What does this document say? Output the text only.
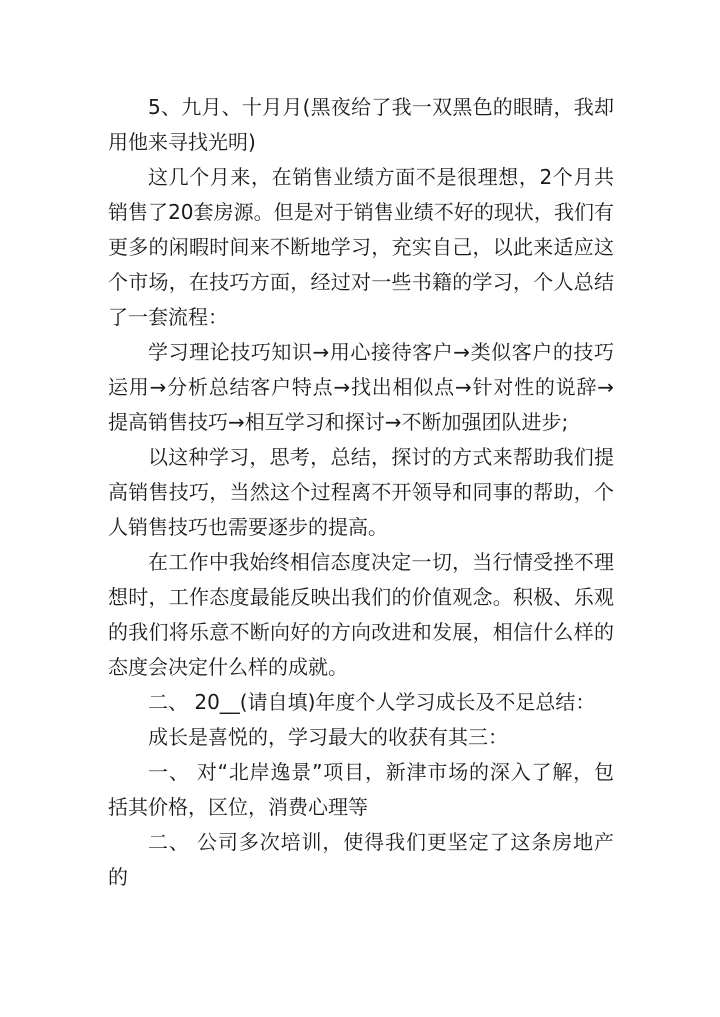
5、九月、十月月(黑夜给了我一双黑色的眼睛，我却用他来寻找光明)

这几个月来，在销售业绩方面不是很理想，2个月共销售了20套房源。但是对于销售业绩不好的现状，我们有更多的闲暇时间来不断地学习，充实自己，以此来适应这个市场，在技巧方面，经过对一些书籍的学习，个人总结了一套流程：

学习理论技巧知识→用心接待客户→类似客户的技巧运用→分析总结客户特点→找出相似点→针对性的说辞→提高销售技巧→相互学习和探讨→不断加强团队进步;

以这种学习，思考，总结，探讨的方式来帮助我们提高销售技巧，当然这个过程离不开领导和同事的帮助，个人销售技巧也需要逐步的提高。

在工作中我始终相信态度决定一切，当行情受挫不理想时，工作态度最能反映出我们的价值观念。积极、乐观的我们将乐意不断向好的方向改进和发展，相信什么样的态度会决定什么样的成就。

二、 20__(请自填)年度个人学习成长及不足总结：

成长是喜悦的，学习最大的收获有其三：

一、 对“北岸逸景”项目，新津市场的深入了解，包括其价格，区位，消费心理等

二、 公司多次培训，使得我们更坚定了这条房地产的
